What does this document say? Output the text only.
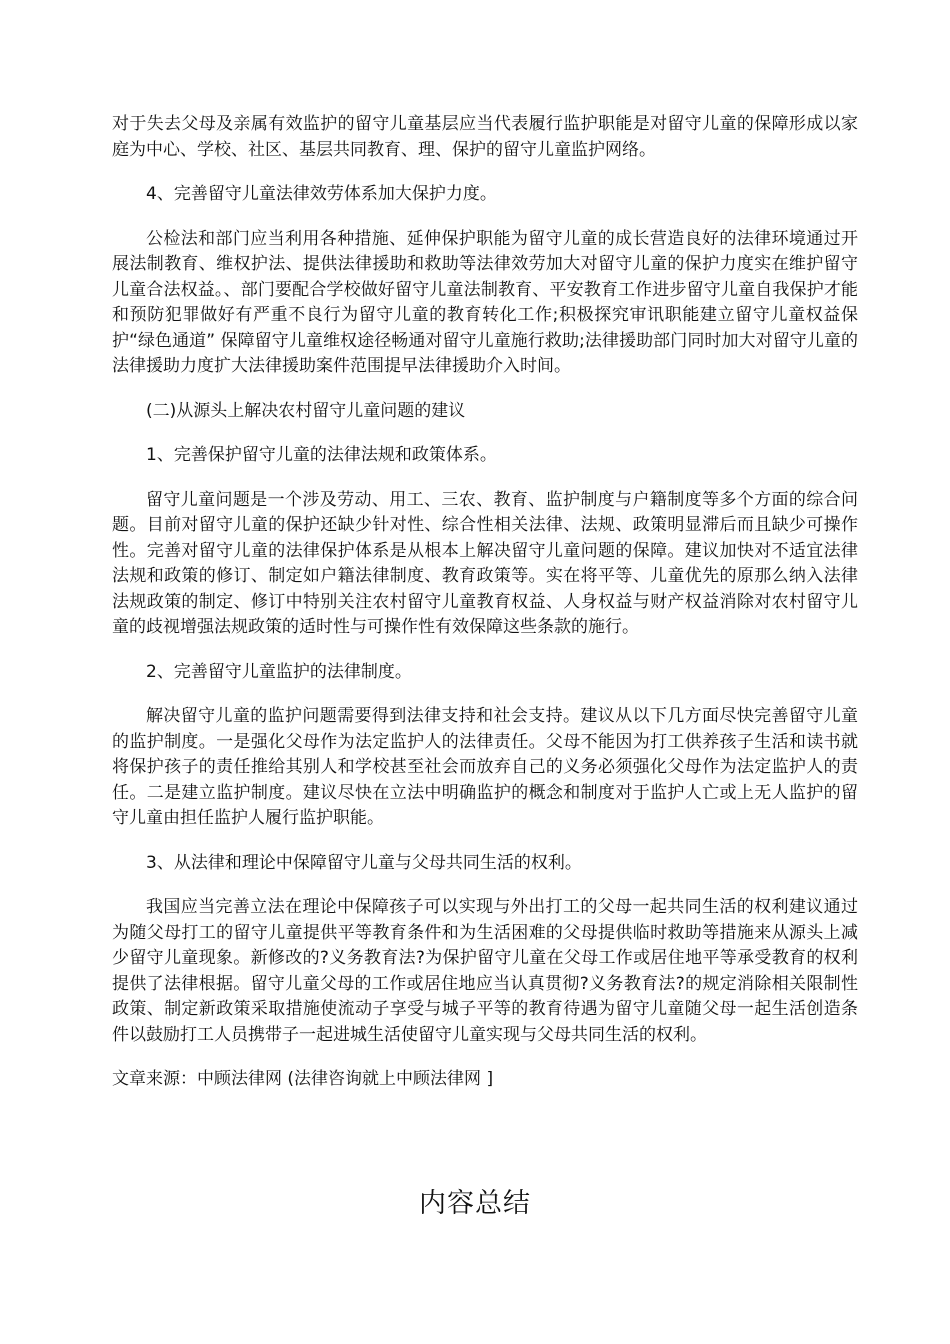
对于失去父母及亲属有效监护的留守儿童基层应当代表履行监护职能是对留守儿童的保障形成以家庭为中心、学校、社区、基层共同教育、理、保护的留守儿童监护网络。

4、完善留守儿童法律效劳体系加大保护力度。

公检法和部门应当利用各种措施、延伸保护职能为留守儿童的成长营造良好的法律环境通过开展法制教育、维权护法、提供法律援助和救助等法律效劳加大对留守儿童的保护力度实在维护留守儿童合法权益。、部门要配合学校做好留守儿童法制教育、平安教育工作进步留守儿童自我保护才能和预防犯罪做好有严重不良行为留守儿童的教育转化工作;积极探究审讯职能建立留守儿童权益保护“绿色通道” 保障留守儿童维权途径畅通对留守儿童施行救助;法律援助部门同时加大对留守儿童的法律援助力度扩大法律援助案件范围提早法律援助介入时间。

(二)从源头上解决农村留守儿童问题的建议

1、完善保护留守儿童的法律法规和政策体系。

留守儿童问题是一个涉及劳动、用工、三农、教育、监护制度与户籍制度等多个方面的综合问题。目前对留守儿童的保护还缺少针对性、综合性相关法律、法规、政策明显滞后而且缺少可操作性。完善对留守儿童的法律保护体系是从根本上解决留守儿童问题的保障。建议加快对不适宜法律法规和政策的修订、制定如户籍法律制度、教育政策等。实在将平等、儿童优先的原那么纳入法律法规政策的制定、修订中特别关注农村留守儿童教育权益、人身权益与财产权益消除对农村留守儿童的歧视增强法规政策的适时性与可操作性有效保障这些条款的施行。

2、完善留守儿童监护的法律制度。

解决留守儿童的监护问题需要得到法律支持和社会支持。建议从以下几方面尽快完善留守儿童的监护制度。一是强化父母作为法定监护人的法律责任。父母不能因为打工供养孩子生活和读书就将保护孩子的责任推给其别人和学校甚至社会而放弃自己的义务必须强化父母作为法定监护人的责任。二是建立监护制度。建议尽快在立法中明确监护的概念和制度对于监护人亡或上无人监护的留守儿童由担任监护人履行监护职能。

3、从法律和理论中保障留守儿童与父母共同生活的权利。

我国应当完善立法在理论中保障孩子可以实现与外出打工的父母一起共同生活的权利建议通过为随父母打工的留守儿童提供平等教育条件和为生活困难的父母提供临时救助等措施来从源头上减少留守儿童现象。新修改的?义务教育法?为保护留守儿童在父母工作或居住地平等承受教育的权利提供了法律根据。留守儿童父母的工作或居住地应当认真贯彻?义务教育法?的规定消除相关限制性政策、制定新政策采取措施使流动子享受与城子平等的教育待遇为留守儿童随父母一起生活创造条件以鼓励打工人员携带子一起进城生活使留守儿童实现与父母共同生活的权利。

文章来源：中顾法律网 (法律咨询就上中顾法律网 ]

内容总结
